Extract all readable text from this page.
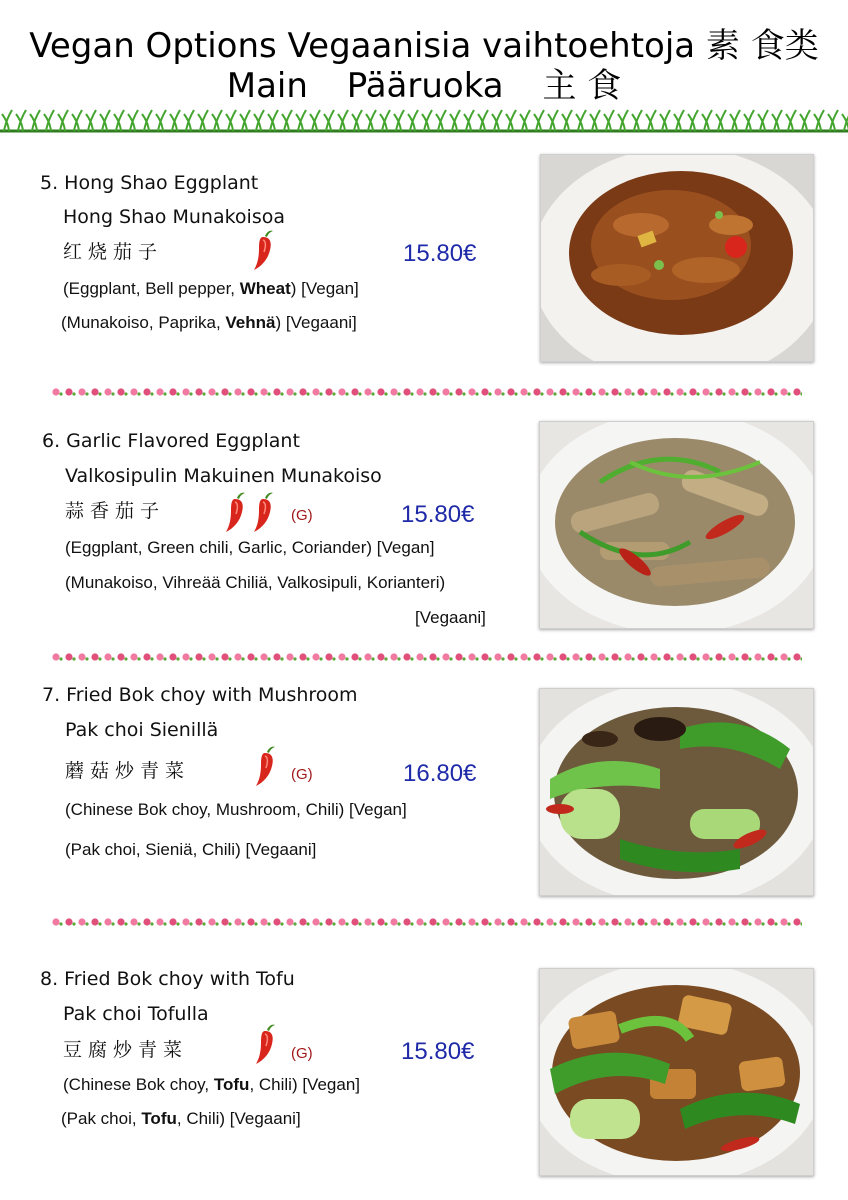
Vegan Options Vegaanisia vaihtoehtoja 素 食类
Main Pääruoka 主 食
5. Hong Shao Eggplant
Hong Shao Munakoisoa
红烧茄子	15.80€
(Eggplant, Bell pepper, Wheat) [Vegan]
(Munakoiso, Paprika, Vehnä) [Vegaani]
6. Garlic Flavored Eggplant
Valkosipulin Makuinen Munakoiso
蒜香茄子	(G)	15.80€
(Eggplant, Green chili, Garlic, Coriander) [Vegan]
(Munakoiso, Vihreää Chiliä, Valkosipuli, Korianteri)
[Vegaani]
7. Fried Bok choy with Mushroom
Pak choi Sienillä
蘑菇炒青菜	(G)	16.80€
(Chinese Bok choy, Mushroom, Chili) [Vegan]
(Pak choi, Sieniä, Chili) [Vegaani]
8. Fried Bok choy with Tofu
Pak choi Tofulla
豆腐炒青菜	(G)	15.80€
(Chinese Bok choy, Tofu, Chili) [Vegan]
(Pak choi, Tofu, Chili) [Vegaani]
